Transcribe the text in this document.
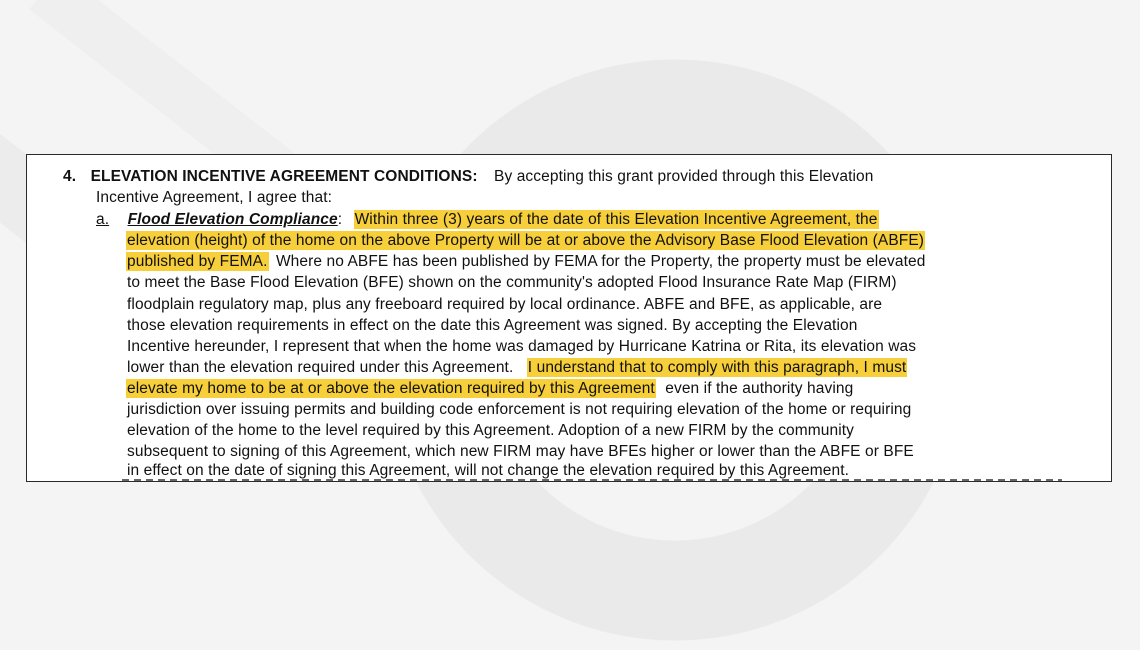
4. ELEVATION INCENTIVE AGREEMENT CONDITIONS: By accepting this grant provided through this Elevation
Incentive Agreement, I agree that:
a. Flood Elevation Compliance: Within three (3) years of the date of this Elevation Incentive Agreement, the
elevation (height) of the home on the above Property will be at or above the Advisory Base Flood Elevation (ABFE)
published by FEMA. Where no ABFE has been published by FEMA for the Property, the property must be elevated
to meet the Base Flood Elevation (BFE) shown on the community's adopted Flood Insurance Rate Map (FIRM)
floodplain regulatory map, plus any freeboard required by local ordinance. ABFE and BFE, as applicable, are
those elevation requirements in effect on the date this Agreement was signed. By accepting the Elevation
Incentive hereunder, I represent that when the home was damaged by Hurricane Katrina or Rita, its elevation was
lower than the elevation required under this Agreement. I understand that to comply with this paragraph, I must
elevate my home to be at or above the elevation required by this Agreement even if the authority having
jurisdiction over issuing permits and building code enforcement is not requiring elevation of the home or requiring
elevation of the home to the level required by this Agreement. Adoption of a new FIRM by the community
subsequent to signing of this Agreement, which new FIRM may have BFEs higher or lower than the ABFE or BFE
in effect on the date of signing this Agreement, will not change the elevation required by this Agreement.
